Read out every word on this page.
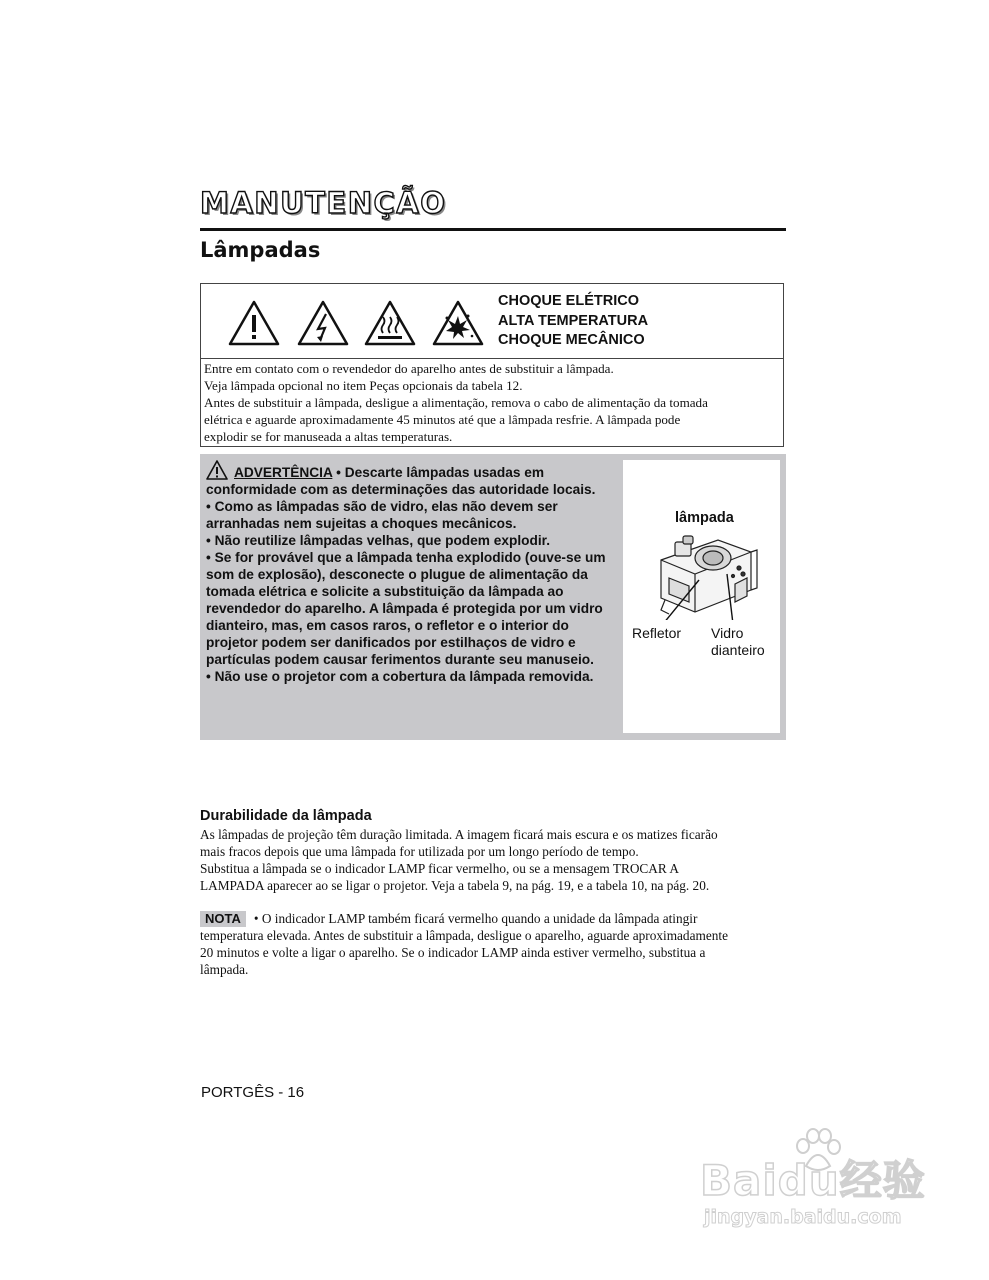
MANUTENÇÃO
Lâmpadas
CHOQUE ELÉTRICO
ALTA TEMPERATURA
CHOQUE MECÂNICO
Entre em contato com o revendedor do aparelho antes de substituir a lâmpada.
Veja lâmpada opcional no item Peças opcionais da tabela 12.
Antes de substituir a lâmpada, desligue a alimentação, remova o cabo de alimentação da tomada
elétrica e aguarde aproximadamente 45 minutos até que a lâmpada resfrie. A lâmpada pode
explodir se for manuseada a altas temperaturas.

ADVERTÊNCIA • Descarte lâmpadas usadas em conformidade com as determinações das autoridade locais.

• Como as lâmpadas são de vidro, elas não devem ser arranhadas nem sujeitas a choques mecânicos.

• Não reutilize lâmpadas velhas, que podem explodir.

• Se for provável que a lâmpada tenha explodido (ouve-se um som de explosão), desconecte o plugue de alimentação da tomada elétrica e solicite a substituição da lâmpada ao revendedor do aparelho. A lâmpada é protegida por um vidro dianteiro, mas, em casos raros, o refletor e o interior do projetor podem ser danificados por estilhaços de vidro e partículas podem causar ferimentos durante seu manuseio.

• Não use o projetor com a cobertura da lâmpada removida.

lâmpada
Refletor Vidro
dianteiro
Durabilidade da lâmpada
As lâmpadas de projeção têm duração limitada. A imagem ficará mais escura e os matizes ficarão
mais fracos depois que uma lâmpada for utilizada por um longo período de tempo.
Substitua a lâmpada se o indicador LAMP ficar vermelho, ou se a mensagem TROCAR A
LAMPADA aparecer ao se ligar o projetor. Veja a tabela 9, na pág. 19, e a tabela 10, na pág. 20.
NOTA • O indicador LAMP também ficará vermelho quando a unidade da lâmpada atingir
temperatura elevada. Antes de substituir a lâmpada, desligue o aparelho, aguarde aproximadamente
20 minutos e volte a ligar o aparelho. Se o indicador LAMP ainda estiver vermelho, substitua a
lâmpada.
PORTGÊS - 16
Baidu经验
jingyan.baidu.com
